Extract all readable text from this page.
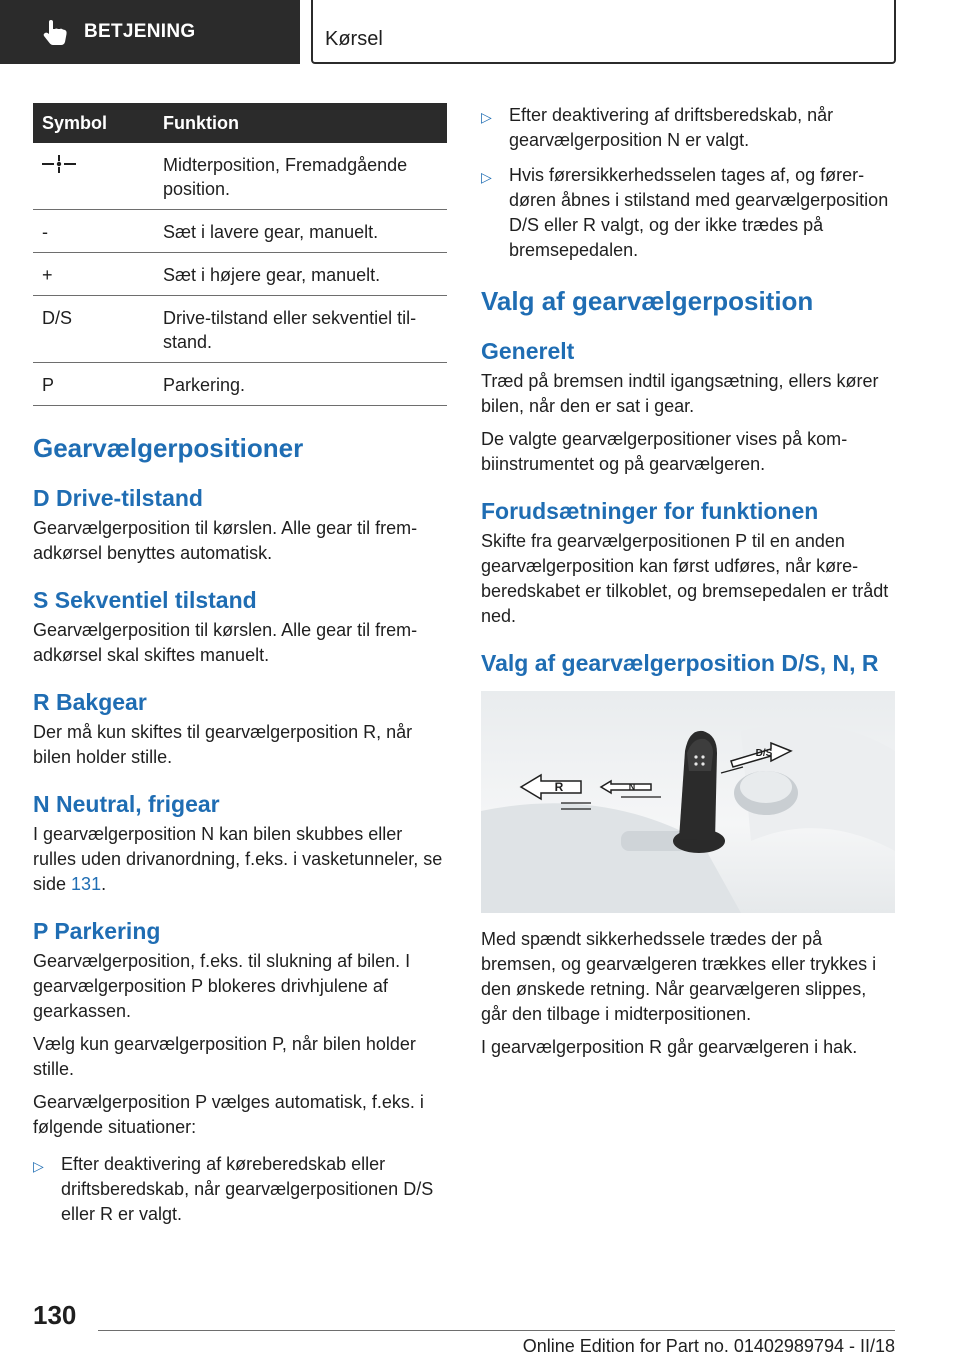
BETJENING	Kørsel
Symbol	Funktion
	Midterposition, Fremadgående position.
-	Sæt i lavere gear, manuelt.
+	Sæt i højere gear, manuelt.
D/S	Drive-tilstand eller sekventiel tilstand.
P	Parkering.
Gearvælgerpositioner
D Drive-tilstand
Gearvælgerposition til kørslen. Alle gear til fremadkørsel benyttes automatisk.
S Sekventiel tilstand
Gearvælgerposition til kørslen. Alle gear til fremadkørsel skal skiftes manuelt.
R Bakgear
Der må kun skiftes til gearvælgerposition R, når bilen holder stille.
N Neutral, frigear
I gearvælgerposition N kan bilen skubbes eller rulles uden drivanordning, f.eks. i vasketunneler, se side 131.
P Parkering
Gearvælgerposition, f.eks. til slukning af bilen. I gearvælgerposition P blokeres drivhjulene af gearkassen.
Vælg kun gearvælgerposition P, når bilen holder stille.
Gearvælgerposition P vælges automatisk, f.eks. i følgende situationer:
▷ Efter deaktivering af køreberedskab eller driftsberedskab, når gearvælgerpositionen D/S eller R er valgt.
▷ Efter deaktivering af driftsberedskab, når gearvælgerposition N er valgt.
▷ Hvis førersikkerhedsselen tages af, og førerdøren åbnes i stilstand med gearvælgerposition D/S eller R valgt, og der ikke trædes på bremsepedalen.
Valg af gearvælgerposition
Generelt
Træd på bremsen indtil igangsætning, ellers kører bilen, når den er sat i gear.
De valgte gearvælgerpositioner vises på kombiinstrumentet og på gearvælgeren.
Forudsætninger for funktionen
Skifte fra gearvælgerpositionen P til en anden gearvælgerposition kan først udføres, når køreberedskabet er tilkoblet, og bremsepedalen er trådt ned.
Valg af gearvælgerposition D/S, N, R
R	N
D/S
Med spændt sikkerhedssele trædes der på bremsen, og gearvælgeren trækkes eller trykkes i den ønskede retning. Når gearvælgeren slippes, går den tilbage i midterpositionen.
I gearvælgerposition R går gearvælgeren i hak.
130
Online Edition for Part no. 01402989794 - II/18
